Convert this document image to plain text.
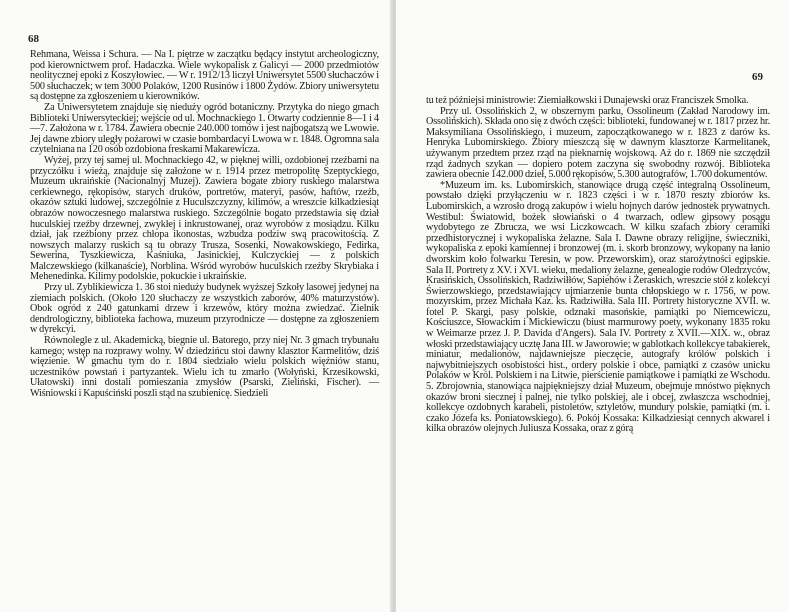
68

Rehmana, Weissa i Schura. — Na I. piętrze w zaczątku będący instytut archeologiczny, pod kierownictwem prof. Hadaczka. Wiele wykopalisk z Galicyi — 2000 przedmiotów neolitycznej epoki z Koszyłowiec. — W r. 1912/13 liczył Uniwersytet 5500 słuchaczów i 500 słuchaczek; w tem 3000 Polaków, 1200 Rusinów i 1800 Żydów. Zbiory uniwersytetu są dostępne za zgłoszeniem u kierowników.

Za Uniwersytetem znajduje się nieduży ogród botaniczny. Przytyka do niego gmach Biblioteki Uniwersyteckiej; wejście od ul. Mochnackiego 1. Otwarty codziennie 8—1 i 4—7. Założona w r. 1784. Zawiera obecnie 240.000 tomów i jest najbogatszą we Lwowie. Jej dawne zbiory uległy pożarowi w czasie bombardacyi Lwowa w r. 1848. Ogromna sala czytelniana na 120 osób ozdobiona freskami Makarewicza.

Wyżej, przy tej samej ul. Mochnackiego 42, w pięknej willi, ozdobionej rzeźbami na przyczółku i wieżą, znajduje się założone w r. 1914 przez metropolitę Szeptyckiego, Muzeum ukraińskie (Nacionalnyj Muzej). Zawiera bogate zbiory ruskiego malarstwa cerkiewnego, rękopisów, starych druków, portretów, materyi, pasów, haftów, rzeźb, okazów sztuki ludowej, szczególnie z Huculszczyzny, kilimów, a wreszcie kilkadziesiąt obrazów nowoczesnego malarstwa ruskiego. Szczególnie bogato przedstawia się dział huculskiej rzeźby drzewnej, zwykłej i inkrustowanej, oraz wyrobów z mosiądzu. Kilku dział, jak rzeźbiony przez chłopa ikonostas, wzbudza podziw swą pracowitością. Z nowszych malarzy ruskich są tu obrazy Trusza, Sosenki, Nowakowskiego, Fedirka, Sewerina, Tyszkiewicza, Kaśniuka, Jasinickiej, Kulczyckiej — z polskich Malczewskiego (kilkanaście), Norblina. Wśród wyrobów huculskich rzeźby Skrybiaka i Mehenedinka. Kilimy podolskie, pokuckie i ukraińskie.

Przy ul. Zyblikiewicza 1. 36 stoi nieduży budynek wyższej Szkoły lasowej jedynej na ziemiach polskich. (Około 120 słuchaczy ze wszystkich zaborów, 40% maturzystów). Obok ogród z 240 gatunkami drzew i krzewów, który można zwiedzać. Zielnik dendrologiczny, biblioteka fachowa, muzeum przyrodnicze — dostępne za zgłoszeniem w dyrekcyi.

Równolegle z ul. Akademicką, biegnie ul. Batorego, przy niej Nr. 3 gmach trybunału karnego; wstęp na rozprawy wolny. W dziedzińcu stoi dawny klasztor Karmelitów, dziś więzienie. W gmachu tym do r. 1804 siedziało wielu polskich więźniów stanu, uczestników powstań i partyzantek. Wielu ich tu zmarło (Wołyński, Krzesikowski, Ułatowski) inni dostali pomieszania zmysłów (Psarski, Zieliński, Fischer). — Wiśniowski i Kapuściński poszli stąd na szubienicę. Siedzieli

69

tu też późniejsi ministrowie: Ziemiałkowski i Dunajewski oraz Franciszek Smolka.

Przy ul. Ossolińskich 2, w obszernym parku, Ossolineum (Zakład Narodowy im. Ossolińskich). Składa ono się z dwóch części: biblioteki, fundowanej w r. 1817 przez hr. Maksymiliana Ossolińskiego, i muzeum, zapoczątkowanego w r. 1823 z darów ks. Henryka Lubomirskiego. Zbiory mieszczą się w dawnym klasztorze Karmelitanek, używanym przedtem przez rząd na pieknarnię wojskową. Aż do r. 1869 nie szczędził rząd żadnych szykan — dopiero potem zaczyna się swobodny rozwój. Biblioteka zawiera obecnie 142.000 dzieł, 5.000 rękopisów, 5.300 autografów, 1.700 dokumentów.

*Muzeum im. ks. Lubomirskich, stanowiące drugą część integralną Ossolineum, powstało dzięki przyłączeniu w r. 1823 części i w r. 1870 reszty zbiorów ks. Lubomirskich, a wzrosło drogą zakupów i wielu hojnych darów jednostek prywatnych. Westibul: Światowid, bożek słowiański o 4 twarzach, odlew gipsowy posągu wydobytego ze Zbrucza, we wsi Liczkowcach. W kilku szafach zbiory ceramiki przedhistorycznej i wykopaliska żelazne. Sala I. Dawne obrazy religijne, świeczniki, wykopaliska z epoki kamiennej i bronzowej (m. i. skorb bronzowy, wykopany na łanio dworskim koło folwarku Teresin, w pow. Przeworskim), oraz starożytności egipskie. Sala II. Portrety z XV. i XVI. wieku, medaliony żelazne, genealogie rodów Oledrzyców, Krasińskich, Ossolińskich, Radziwiłłów, Sapiehów i Żeraskich, wreszcie stół z kolekcyi Świerzowskiego, przedstawiający ujmiarzenie bunta chłopskiego w r. 1756, w pow. mozyrskim, przez Michała Kaz. ks. Radziwiłła. Sala III. Portrety historyczne XVII. w. fotel P. Skargi, pasy polskie, odznaki masońskie, pamiątki po Niemcewiczu, Kościuszce, Słowackim i Mickiewiczu (biust marmurowy poety, wykonany 1835 roku w Weimarze przez J. P. Davida d'Angers). Sala IV. Portrety z XVII.—XIX. w., obraz włoski przedstawiający ucztę Jana III. w Jaworowie; w gablotkach kollekcye tabakierek, miniatur, medalionów, najdawniejsze pieczęcie, autografy królów polskich i najwybitniejszych osobistości hist., ordery polskie i obce, pamiątki z czasów unicku Polaków w Król. Polskiem i na Litwie, pierścienie pamiątkowe i pamiątki ze Wschodu. 5. Zbrojownia, stanowiąca najpiękniejszy dział Muzeum, obejmuje mnóstwo pięknych okazów broni siecznej i palnej, nie tylko polskiej, ale i obcej, zwłaszcza wschodniej, kollekcye ozdobnych karabeli, pistoletów, sztyletów, mundury polskie, pamiątki (m. i. czako Józefa ks. Poniatowskiego). 6. Pokój Kossaka: Kilkadziesiąt cennych akwarel i kilka obrazów olejnych Juliusza Kossaka, oraz z górą
